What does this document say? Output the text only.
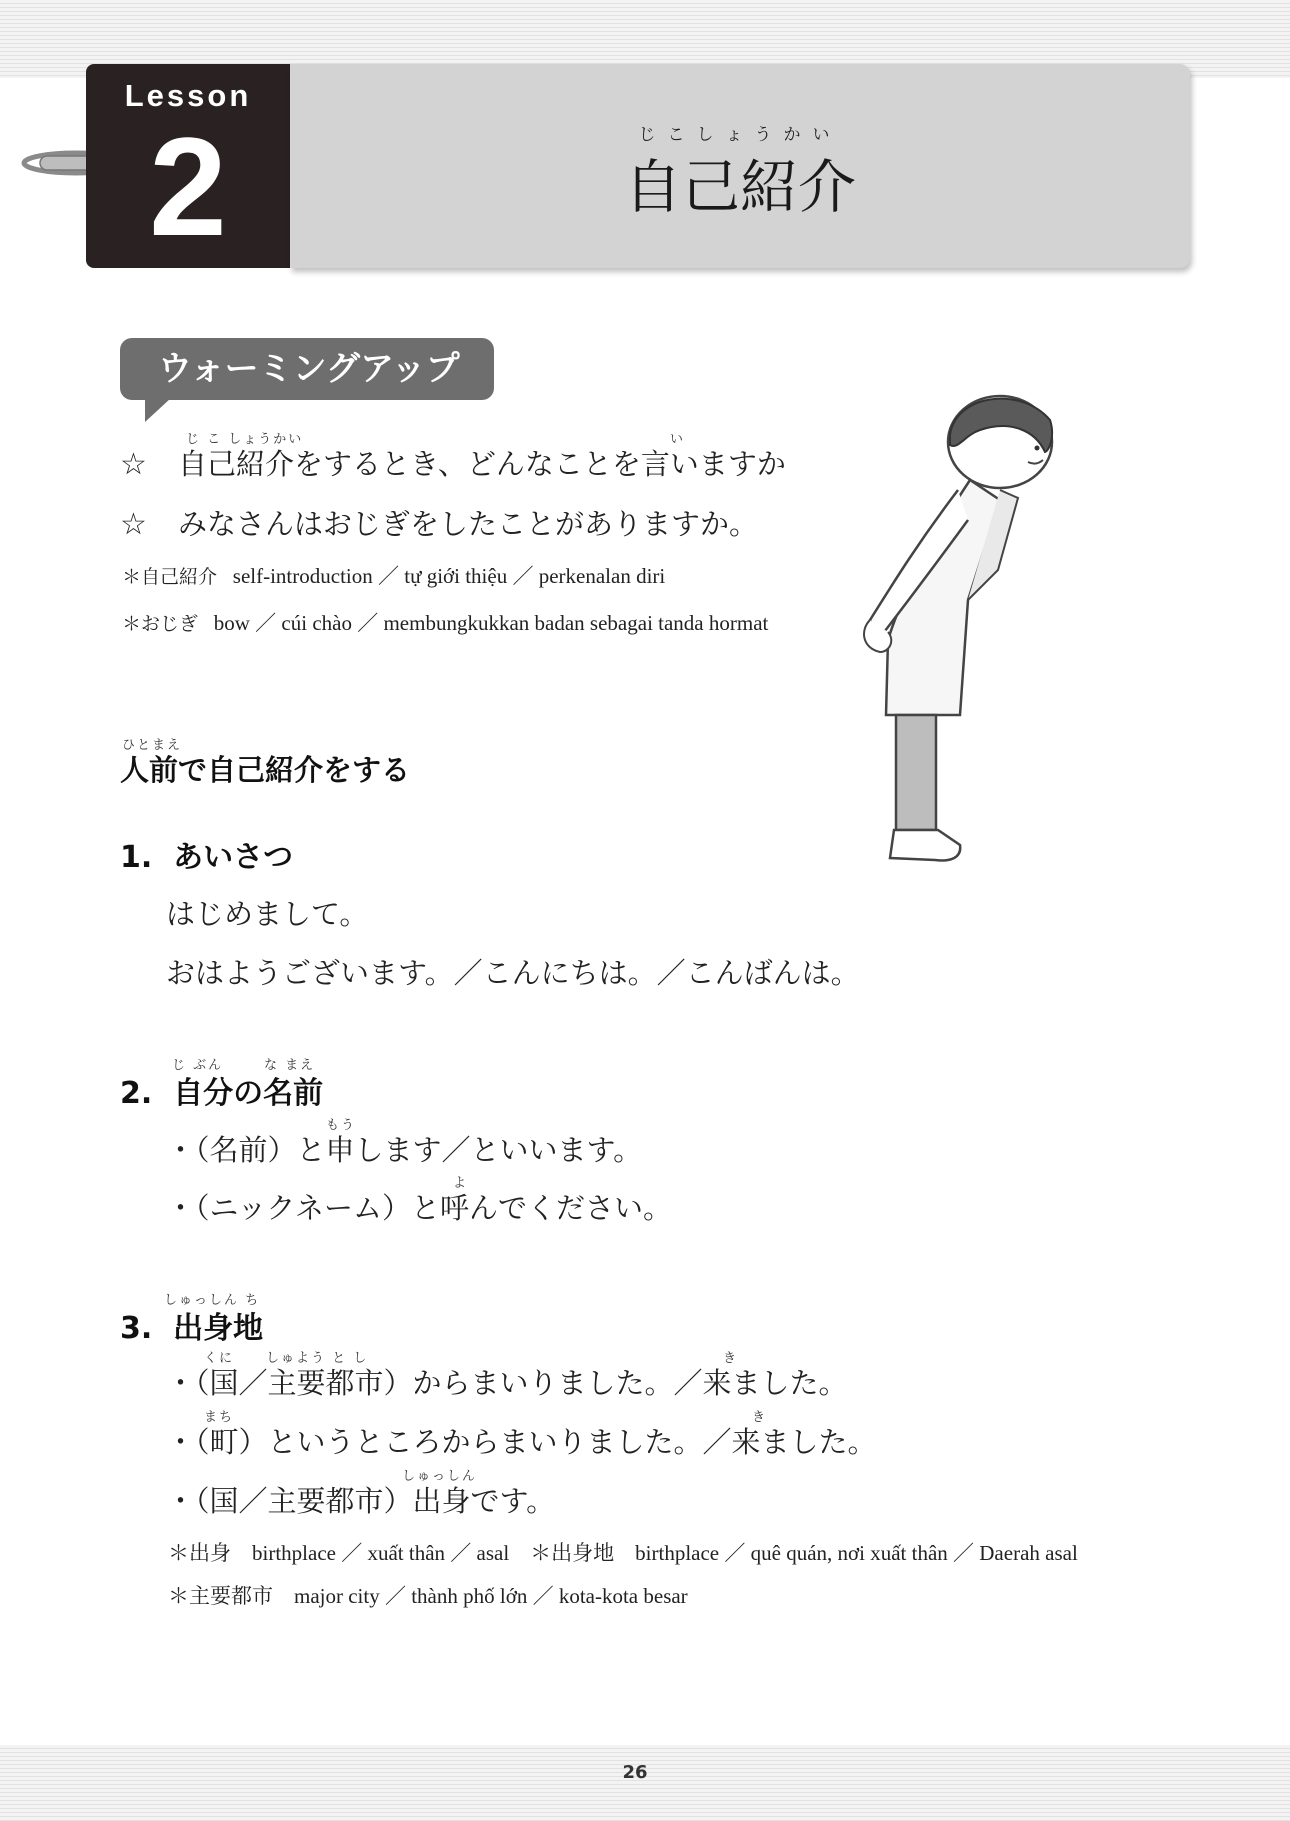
Lesson
2	じこしょうかい
自己紹介
ウォーミングアップ
じ こ しょうかい	い
☆ 自己紹介をするとき、どんなことを言いますか
☆ みなさんはおじぎをしたことがありますか。
＊自己紹介 self-introduction ／ tự giới thiệu ／ perkenalan diri
＊おじぎ bow ／ cúi chào ／ membungkukkan badan sebagai tanda hormat
ひとまえ
人前で自己紹介をする
1. あいさつ
はじめまして。
おはようございます。／こんにちは。／こんばんは。
じ ぶん	な まえ
2. 自分の名前
もう
・（名前）と申します／といいます。
よ
・（ニックネーム）と呼んでください。
しゅっしん ち
3. 出身地
くに しゅよう と し	き
・（国／主要都市）からまいりました。／来ました。
まち	き
・（町）というところからまいりました。／来ました。
しゅっしん
・（国／主要都市）出身です。
＊出身　birthplace ／ xuất thân ／ asal　＊出身地　birthplace ／ quê quán, nơi xuất thân ／ Daerah asal
＊主要都市　major city ／ thành phố lớn ／ kota-kota besar
26
